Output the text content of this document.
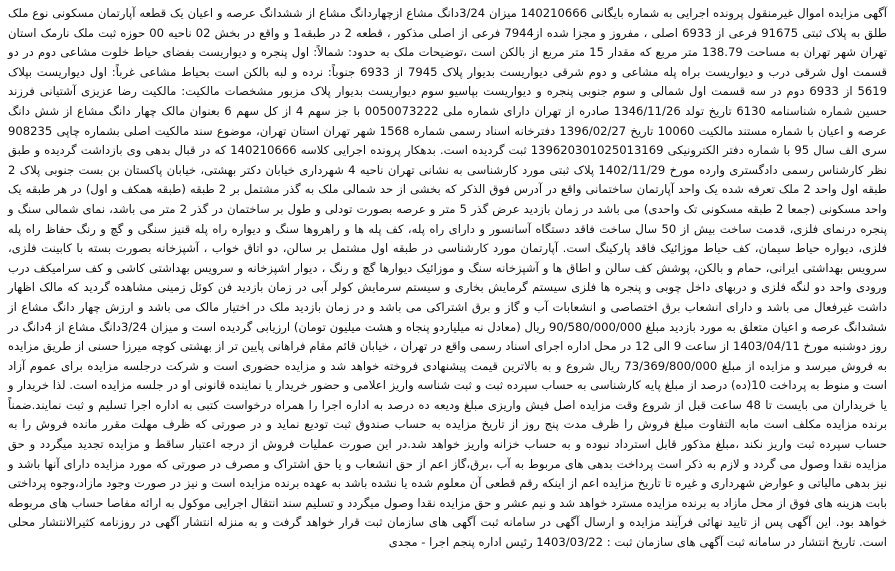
آگهی مزایده اموال غیرمنقول پرونده اجرایی به شماره بایگانی 140210666 میزان 3/24دانگ مشاع ازچهاردانگ مشاع از ششدانگ عرصه و اعیان یک قطعه آپارتمان مسکونی نوع ملک طلق به پلاک ثبتی 91675 فرعی از 6933 اصلی ، مفروز و مجزا شده از7944 فرعی از اصلی مذکور ، قطعه 2 در طبقه1 و واقع در بخش 02 ناحیه 00 حوزه ثبت ملک نارمک استان تهران شهر تهران به مساحت 138.79 متر مربع که مقدار 15 متر مربع از بالکن است ،توضیحات ملک به حدود: شمالاً: اول پنجره و دیواریست بفضای حیاط خلوت مشاعی دوم در دو قسمت اول شرقی درب و دیواریست براه پله مشاعی و دوم شرقی دیواریست بدیوار پلاک 7945 از 6933 جنوباً: نرده و لبه بالکن است بحیاط مشاعی غرباً: اول دیواریست بپلاک 5619 از 6933 دوم در سه قسمت اول شمالی و سوم جنوبی پنجره و دیواریست بپاسیو سوم دیواریست بدیوار پلاک مزبور مشخصات مالکیت: مالکیت رضا عزیزی آشتیانی فرزند حسین شماره شناسنامه 6130 تاریخ تولد 1346/11/26 صادره از تهران دارای شماره ملی 0050073222 با جز سهم 4 از کل سهم 6 بعنوان مالک چهار دانگ مشاع از شش دانگ عرصه و اعیان با شماره مستند مالکیت 10060 تاریخ 1396/02/27 دفترخانه اسناد رسمی شماره 1568 شهر تهران استان تهران، موضوع سند مالکیت اصلی بشماره چاپی 908235 سری الف سال 95 با شماره دفتر الکترونیکی 139620301025013169 ثبت گردیده است. بدهکار پرونده اجرایی کلاسه 140210666 که در قبال بدهی وی بازداشت گردیده و طبق نظر کارشناس رسمی دادگستری وارده مورخ 1402/11/29 پلاک ثبتی مورد کارشناسی به نشانی تهران ناحیه 4 شهرداری خیابان دکتر بهشتی، خیابان پاکستان بن بست جنوبی پلاک 2 طبقه اول واحد 2 ملک تعرفه شده یک واحد آپارتمان ساختمانی واقع در آدرس فوق الذکر که بخشی از حد شمالی ملک به گذر مشتمل بر 2 طبقه (طبقه همکف و اول) در هر طبقه یک واحد مسکونی (جمعا 2 طبقه مسکونی تک واحدی) می باشد در زمان بازدید عرض گذر 5 متر و عرصه بصورت تودلی و طول بر ساختمان در گذر 2 متر می باشد، نمای شمالی سنگ و پنجره درنمای فلزی، قدمت ساخت بیش از 50 سال ساخت فاقد دستگاه آسانسور و دارای راه پله، کف پله ها و راهروها سنگ و دیواره راه پله قنیز سنگی و گچ و رنگ حفاظ راه پله فلزی، دیواره حیاط سیمان، کف حیاط موزائیک فاقد پارکینگ است. آپارتمان مورد کارشناسی در طبقه اول مشتمل بر سالن، دو اتاق خواب ، آشپزخانه بصورت بسته با کابینت فلزی، سرویس بهداشتی ایرانی، حمام و بالکن، پوشش کف سالن و اطاق ها و آشپزخانه سنگ و موزائیک دیوارها گچ و رنگ ، دیوار اشپزخانه و سرویس بهداشتی کاشی و کف سرامیکف درب ورودی واحد دو لنگه فلزی و دربهای داخل چوبی و پنجره ها فلزی سیستم گرمایش بخاری و سیستم سرمایش کولر آبی در زمان بازدید فن کوئل زمینی مشاهده گردید که مالک اظهار داشت غیرفعال می باشد و دارای انشعاب برق اختصاصی و انشعابات آب و گاز و برق اشتراکی می باشد و در زمان بازدید ملک در اختیار مالک می باشد و ارزش چهار دانگ مشاع از ششدانگ عرصه و اعیان متعلق به مورد بازدید مبلغ 90/580/000/000 ریال (معادل نه میلیاردو پنجاه و هشت میلیون تومان) ارزیابی گردیده است و میزان 3/24دانگ مشاع از 4دانگ در روز دوشنبه مورخ 1403/04/11 از ساعت 9 الی 12 در محل اداره اجرای اسناد رسمی واقع در تهران ، خیابان قائم مقام فراهانی پایین تر از بهشتی کوچه میرزا حسنی از طریق مزایده به فروش میرسد و مزایده از مبلغ 73/369/800/000 ریال شروع و به بالاترین قیمت پیشنهادی فروخته خواهد شد و مزایده حضوری است و شرکت درجلسه مزایده برای عموم آزاد است و منوط به پرداخت 10(ده) درصد از مبلغ پایه کارشناسی به حساب سپرده ثبت و ثبت شناسه واریز اعلامی و حضور خریدار یا نماینده قانونی او در جلسه مزایده است. لذا خریدار و یا خریداران می بایست تا 48 ساعت قبل از شروع وقت مزایده اصل فیش واریزی مبلغ ودیعه ده درصد به اداره اجرا را همراه درخواست کتبی به اداره اجرا تسلیم و ثبت نمایند.ضمناً برنده مزایده مکلف است مابه التفاوت مبلغ فروش را ظرف مدت پنج روز از تاریخ مزایده به حساب صندوق ثبت تودیع نماید و در صورتی که ظرف مهلت مقرر مانده فروش را به حساب سپرده ثبت واریز نکند ،مبلغ مذکور قابل استرداد نبوده و به حساب خزانه واریز خواهد شد.در این صورت عملیات فروش از درجه اعتبار ساقط و مزایده تجدید میگردد و حق مزایده نقدا وصول می گردد و لازم به ذکر است پرداخت بدهی های مربوط به آب ،برق،گاز اعم از حق انشعاب و یا حق اشتراک و مصرف در صورتی که مورد مزایده دارای آنها باشد و نیز بدهی مالیاتی و عوارض شهرداری و غیره تا تاریخ مزایده اعم از اینکه رقم قطعی آن معلوم شده یا نشده باشد به عهده برنده مزایده است و نیز در صورت وجود مازاد،وجوه پرداختی بابت هزینه های فوق از محل مازاد به برنده مزایده مسترد خواهد شد و نیم عشر و حق مزایده نقدا وصول میگردد و تسلیم سند انتقال اجرایی موکول به ارائه مفاصا حساب های مربوطه خواهد بود. این آگهی پس از تایید نهائی فرآیند مزایده و ارسال آگهی در سامانه ثبت آگهی های سازمان ثبت قرار خواهد گرفت و به منزله انتشار آگهی در روزنامه کثیرالانتشار محلی است. تاریخ انتشار در سامانه ثبت آگهی های سازمان ثبت : 1403/03/22 رئیس اداره پنجم اجرا - مجدی
